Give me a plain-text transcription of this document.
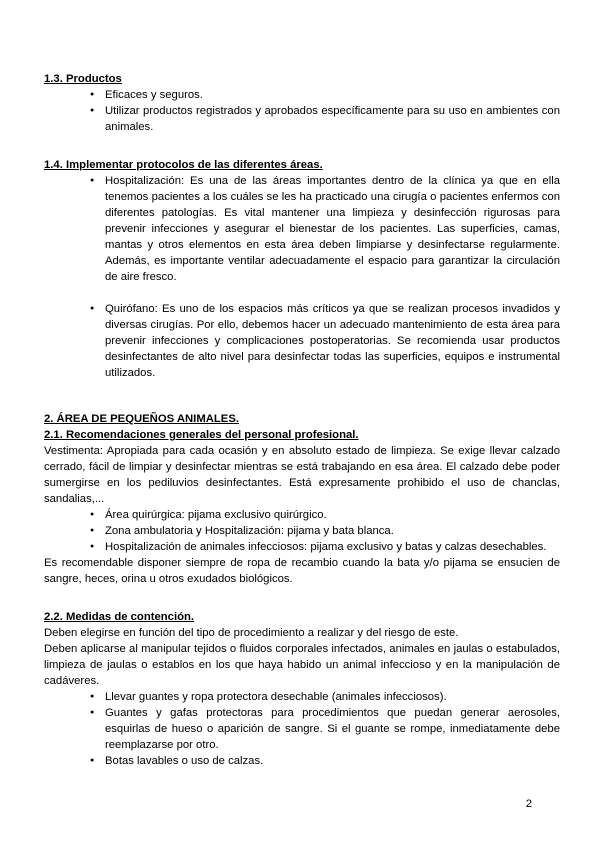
1.3. Productos
● Eficaces y seguros.
● Utilizar productos registrados y aprobados específicamente para su uso en ambientes con animales.
1.4. Implementar protocolos de las diferentes áreas.
● Hospitalización: Es una de las áreas importantes dentro de la clínica ya que en ella tenemos pacientes a los cuáles se les ha practicado una cirugía o pacientes enfermos con diferentes patologías. Es vital mantener una limpieza y desinfección rigurosas para prevenir infecciones y asegurar el bienestar de los pacientes. Las superficies, camas, mantas y otros elementos en esta área deben limpiarse y desinfectarse regularmente. Además, es importante ventilar adecuadamente el espacio para garantizar la circulación de aire fresco.
● Quirófano: Es uno de los espacios más críticos ya que se realizan procesos invadidos y diversas cirugías. Por ello, debemos hacer un adecuado mantenimiento de esta área para prevenir infecciones y complicaciones postoperatorias. Se recomienda usar productos desinfectantes de alto nivel para desinfectar todas las superficies, equipos e instrumental utilizados.
2. ÁREA DE PEQUEÑOS ANIMALES.
2.1. Recomendaciones generales del personal profesional.

Vestimenta: Apropiada para cada ocasión y en absoluto estado de limpieza. Se exige llevar calzado cerrado, fácil de limpiar y desinfectar mientras se está trabajando en esa área. El calzado debe poder sumergirse en los pediluvios desinfectantes. Está expresamente prohibido el uso de chanclas, sandalias,...

● Área quirúrgica: pijama exclusivo quirúrgico.
● Zona ambulatoria y Hospitalización: pijama y bata blanca.
● Hospitalización de animales infecciosos: pijama exclusivo y batas y calzas desechables.

Es recomendable disponer siempre de ropa de recambio cuando la bata y/o pijama se ensucien de sangre, heces, orina u otros exudados biológicos.

2.2. Medidas de contención.

Deben elegirse en función del tipo de procedimiento a realizar y del riesgo de este.

Deben aplicarse al manipular tejidos o fluidos corporales infectados, animales en jaulas o estabulados, limpieza de jaulas o establos en los que haya habido un animal infeccioso y en la manipulación de cadáveres.

● Llevar guantes y ropa protectora desechable (animales infecciosos).
● Guantes y gafas protectoras para procedimientos que puedan generar aerosoles, esquirlas de hueso o aparición de sangre. Si el guante se rompe, inmediatamente debe reemplazarse por otro.
● Botas lavables o uso de calzas.
2
